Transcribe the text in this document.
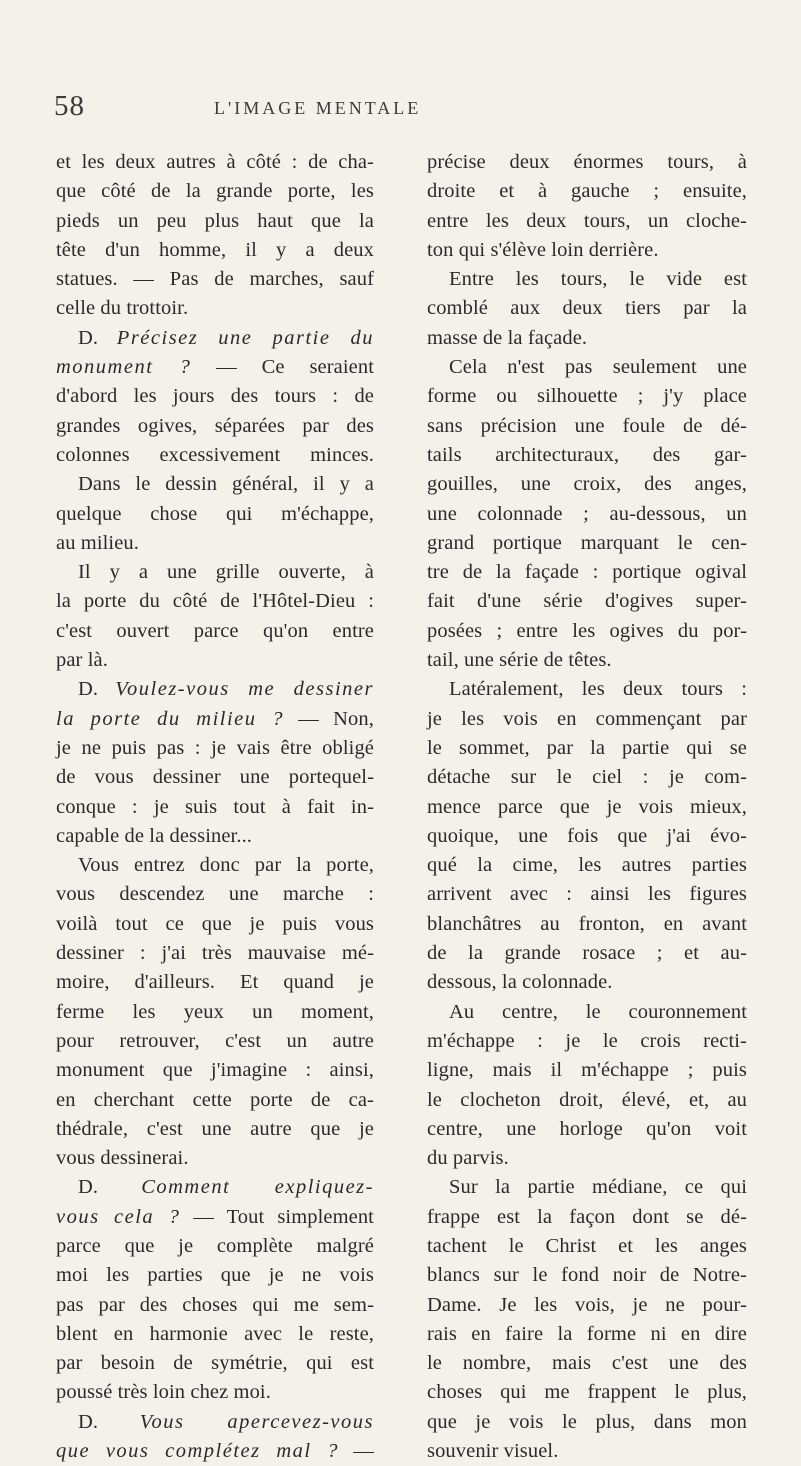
58	L'IMAGE MENTALE
et les deux autres à côté : de cha-
que côté de la grande porte, les
pieds un peu plus haut que la
tête d'un homme, il y a deux
statues. — Pas de marches, sauf
celle du trottoir.
D. Précisez une partie du
monument ? — Ce seraient
d'abord les jours des tours : de
grandes ogives, séparées par des
colonnes excessivement minces.
Dans le dessin général, il y a
quelque chose qui m'échappe,
au milieu.
Il y a une grille ouverte, à
la porte du côté de l'Hôtel-Dieu :
c'est ouvert parce qu'on entre
par là.
D. Voulez-vous me dessiner
la porte du milieu ? — Non,
je ne puis pas : je vais être obligé
de vous dessiner une portequel-
conque : je suis tout à fait in-
capable de la dessiner...
Vous entrez donc par la porte,
vous descendez une marche :
voilà tout ce que je puis vous
dessiner : j'ai très mauvaise mé-
moire, d'ailleurs. Et quand je
ferme les yeux un moment,
pour retrouver, c'est un autre
monument que j'imagine : ainsi,
en cherchant cette porte de ca-
thédrale, c'est une autre que je
vous dessinerai.
D. Comment expliquez-
vous cela ? — Tout simplement
parce que je complète malgré
moi les parties que je ne vois
pas par des choses qui me sem-
blent en harmonie avec le reste,
par besoin de symétrie, qui est
poussé très loin chez moi.
D. Vous apercevez-vous
que vous complétez mal ? —
précise deux énormes tours, à
droite et à gauche ; ensuite,
entre les deux tours, un cloche-
ton qui s'élève loin derrière.
Entre les tours, le vide est
comblé aux deux tiers par la
masse de la façade.
Cela n'est pas seulement une
forme ou silhouette ; j'y place
sans précision une foule de dé-
tails architecturaux, des gar-
gouilles, une croix, des anges,
une colonnade ; au-dessous, un
grand portique marquant le cen-
tre de la façade : portique ogival
fait d'une série d'ogives super-
posées ; entre les ogives du por-
tail, une série de têtes.
Latéralement, les deux tours :
je les vois en commençant par
le sommet, par la partie qui se
détache sur le ciel : je com-
mence parce que je vois mieux,
quoique, une fois que j'ai évo-
qué la cime, les autres parties
arrivent avec : ainsi les figures
blanchâtres au fronton, en avant
de la grande rosace ; et au-
dessous, la colonnade.
Au centre, le couronnement
m'échappe : je le crois recti-
ligne, mais il m'échappe ; puis
le clocheton droit, élevé, et, au
centre, une horloge qu'on voit
du parvis.
Sur la partie médiane, ce qui
frappe est la façon dont se dé-
tachent le Christ et les anges
blancs sur le fond noir de Notre-
Dame. Je les vois, je ne pour-
rais en faire la forme ni en dire
le nombre, mais c'est une des
choses qui me frappent le plus,
que je vois le plus, dans mon
souvenir visuel.
